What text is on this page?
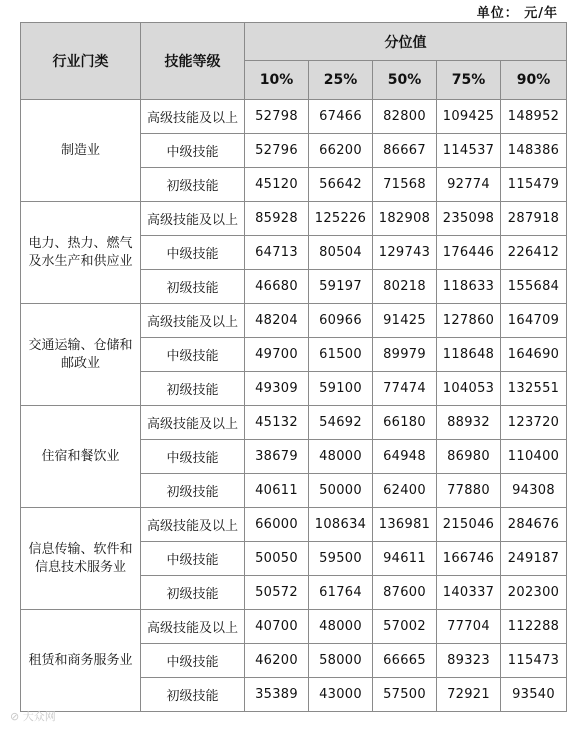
单位： 元/年
行业门类	技能等级	分位值				
		10%	25%	50%	75%	90%
制造业	高级技能及以上	52798	67466	82800	109425	148952
	中级技能	52796	66200	86667	114537	148386
	初级技能	45120	56642	71568	92774	115479
电力、热力、燃气及水生产和供应业	高级技能及以上	85928	125226	182908	235098	287918
	中级技能	64713	80504	129743	176446	226412
	初级技能	46680	59197	80218	118633	155684
交通运输、仓储和邮政业	高级技能及以上	48204	60966	91425	127860	164709
	中级技能	49700	61500	89979	118648	164690
	初级技能	49309	59100	77474	104053	132551
住宿和餐饮业	高级技能及以上	45132	54692	66180	88932	123720
	中级技能	38679	48000	64948	86980	110400
	初级技能	40611	50000	62400	77880	94308
信息传输、软件和信息技术服务业	高级技能及以上	66000	108634	136981	215046	284676
	中级技能	50050	59500	94611	166746	249187
	初级技能	50572	61764	87600	140337	202300
租赁和商务服务业	高级技能及以上	40700	48000	57002	77704	112288
	中级技能	46200	58000	66665	89323	115473
	初级技能	35389	43000	57500	72921	93540
⊘ 大众网
